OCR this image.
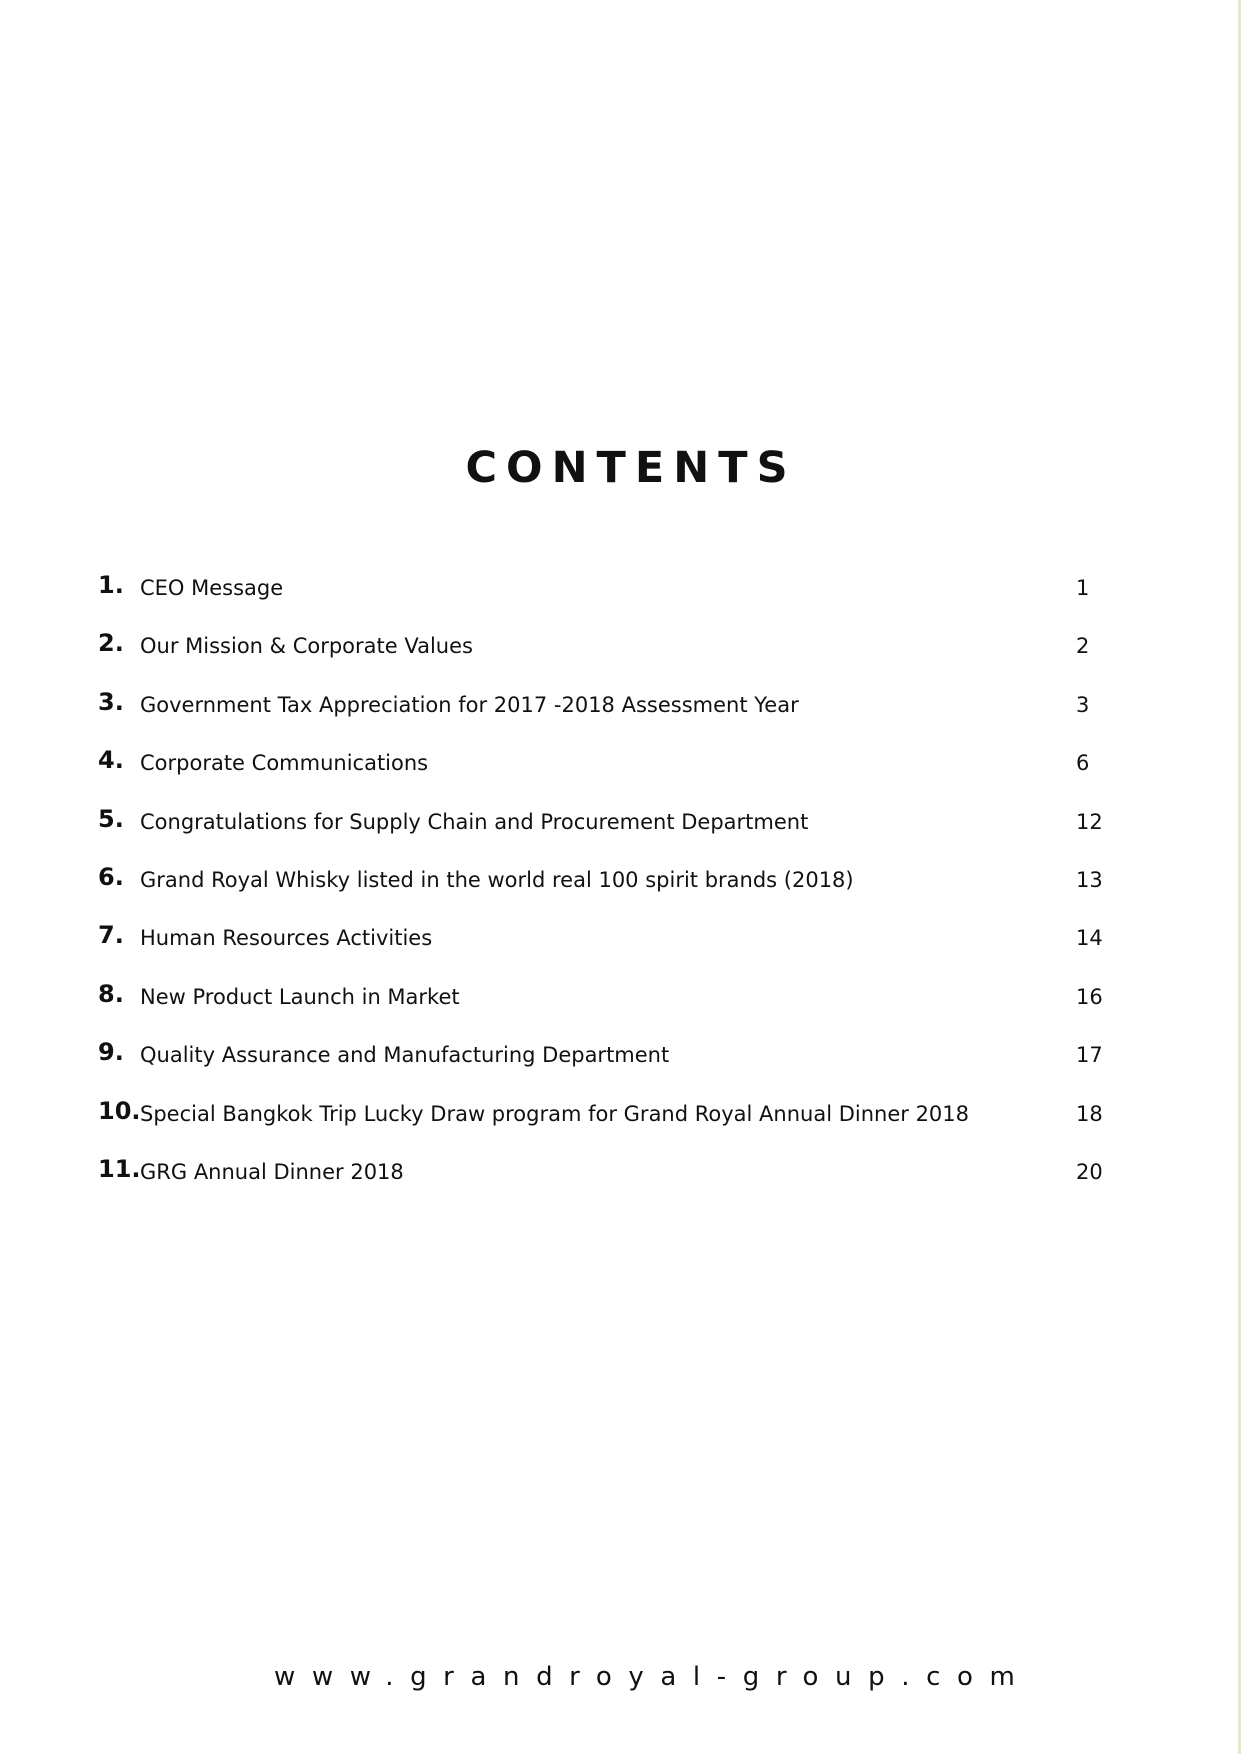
CONTENTS
1. CEO Message	1
2. Our Mission & Corporate Values	2
3. Government Tax Appreciation for 2017 -2018 Assessment Year	3
4. Corporate Communications	6
5. Congratulations for Supply Chain and Procurement Department	12
6. Grand Royal Whisky listed in the world real 100 spirit brands (2018)	13
7. Human Resources Activities	14
8. New Product Launch in Market	16
9. Quality Assurance and Manufacturing Department	17
10. Special Bangkok Trip Lucky Draw program for Grand Royal Annual Dinner 2018	18
11. GRG Annual Dinner 2018	20
www.grandroyal-group.com
